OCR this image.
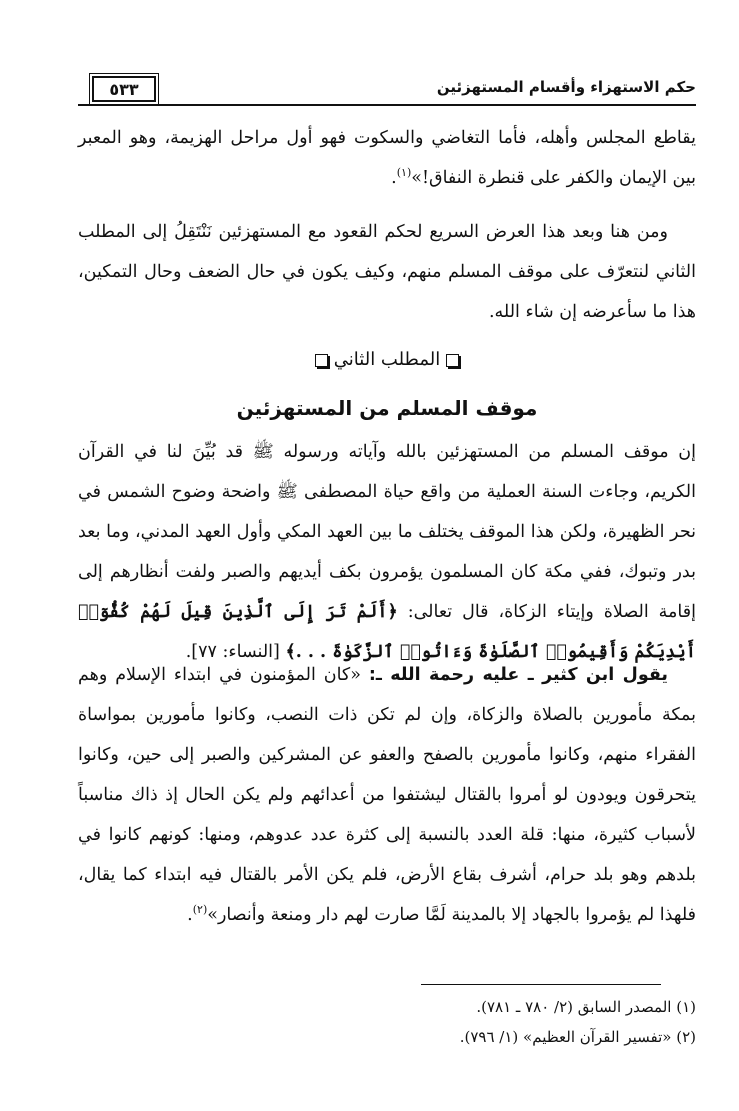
حكم الاستهزاء وأقسام المستهزئين
٥٣٣

يقاطع المجلس وأهله، فأما التغاضي والسكوت فهو أول مراحل الهزيمة، وهو المعبر بين الإيمان والكفر على قنطرة النفاق!»$^{(١)}$.

ومن هنا وبعد هذا العرض السريع لحكم القعود مع المستهزئين نَنْتَقِلُ إلى المطلب الثاني لنتعرّف على موقف المسلم منهم، وكيف يكون في حال الضعف وحال التمكين، هذا ما سأعرضه إن شاء الله.

المطلب الثاني
موقف المسلم من المستهزئين

إن موقف المسلم من المستهزئين بالله وآياته ورسوله ﷺ قد بُيِّنَ لنا في القرآن الكريم، وجاءت السنة العملية من واقع حياة المصطفى ﷺ واضحة وضوح الشمس في نحر الظهيرة، ولكن هذا الموقف يختلف ما بين العهد المكي وأول العهد المدني، وما بعد بدر وتبوك، ففي مكة كان المسلمون يؤمرون بكف أيديهم والصبر ولفت أنظارهم إلى إقامة الصلاة وإيتاء الزكاة، قال تعالى: ﴿أَلَمْ تَرَ إِلَى ٱلَّذِينَ قِيلَ لَهُمْ كُفُّوٓا۟ أَيْدِيَكُمْ وَأَقِيمُوا۟ ٱلصَّلَوٰةَ وَءَاتُوا۟ ٱلزَّكَوٰةَ . . .﴾ [النساء: ٧٧].

يقول ابن كثير ـ عليه رحمة الله ـ: «كان المؤمنون في ابتداء الإسلام وهم بمكة مأمورين بالصلاة والزكاة، وإن لم تكن ذات النصب، وكانوا مأمورين بمواساة الفقراء منهم، وكانوا مأمورين بالصفح والعفو عن المشركين والصبر إلى حين، وكانوا يتحرقون ويودون لو أمروا بالقتال ليشتفوا من أعدائهم ولم يكن الحال إذ ذاك مناسباً لأسباب كثيرة، منها: قلة العدد بالنسبة إلى كثرة عدد عدوهم، ومنها: كونهم كانوا في بلدهم وهو بلد حرام، أشرف بقاع الأرض، فلم يكن الأمر بالقتال فيه ابتداء كما يقال، فلهذا لم يؤمروا بالجهاد إلا بالمدينة لَمَّا صارت لهم دار ومنعة وأنصار»$^{(٢)}$.

(١) المصدر السابق (٢/ ٧٨٠ ـ ٧٨١).
(٢) «تفسير القرآن العظيم» (١/ ٧٩٦).
